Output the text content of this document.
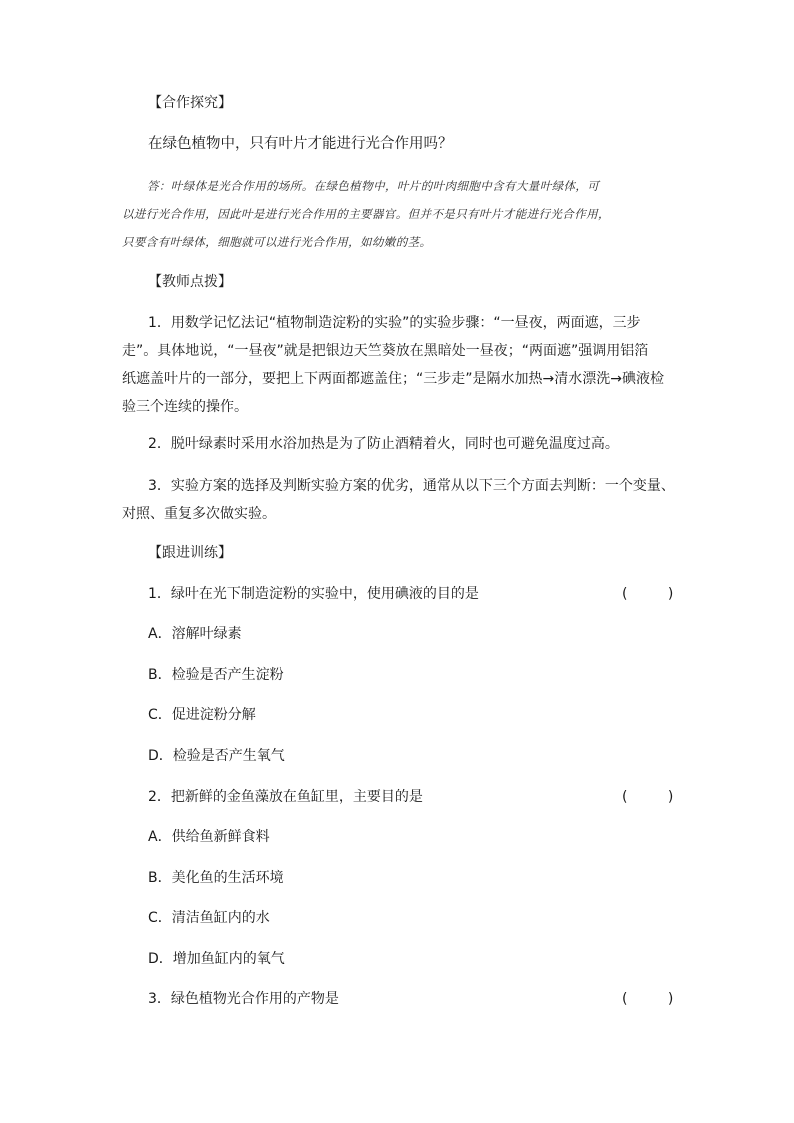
【合作探究】
在绿色植物中，只有叶片才能进行光合作用吗？
答：叶绿体是光合作用的场所。在绿色植物中，叶片的叶肉细胞中含有大量叶绿体，可
以进行光合作用，因此叶是进行光合作用的主要器官。但并不是只有叶片才能进行光合作用，
只要含有叶绿体，细胞就可以进行光合作用，如幼嫩的茎。
【教师点拨】
1．用数学记忆法记“植物制造淀粉的实验”的实验步骤：“一昼夜，两面遮，三步
走”。具体地说，“一昼夜”就是把银边天竺葵放在黑暗处一昼夜；“两面遮”强调用铝箔
纸遮盖叶片的一部分，要把上下两面都遮盖住；“三步走”是隔水加热→清水漂洗→碘液检
验三个连续的操作。
2．脱叶绿素时采用水浴加热是为了防止酒精着火，同时也可避免温度过高。
3．实验方案的选择及判断实验方案的优劣，通常从以下三个方面去判断：一个变量、
对照、重复多次做实验。
【跟进训练】
1．绿叶在光下制造淀粉的实验中，使用碘液的目的是	( )
A．溶解叶绿素
B．检验是否产生淀粉
C．促进淀粉分解
D．检验是否产生氧气
2．把新鲜的金鱼藻放在鱼缸里，主要目的是	( )
A．供给鱼新鲜食料
B．美化鱼的生活环境
C．清洁鱼缸内的水
D．增加鱼缸内的氧气
3．绿色植物光合作用的产物是	( )
